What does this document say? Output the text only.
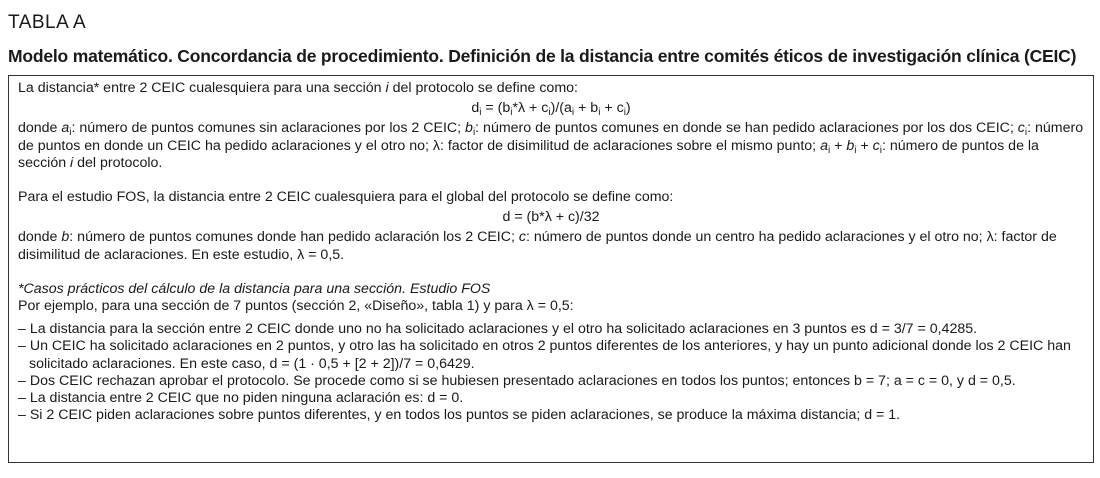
TABLA A
Modelo matemático. Concordancia de procedimiento. Definición de la distancia entre comités éticos de investigación clínica (CEIC)

La distancia* entre 2 CEIC cualesquiera para una sección i del protocolo se define como:

$d_i = (b_i*\lambda + c_i)/(a_i + b_i + c_i)$

donde $a_i$: número de puntos comunes sin aclaraciones por los 2 CEIC; $b_i$: número de puntos comunes en donde se han pedido aclaraciones por los dos CEIC; $c_i$: número de puntos en donde un CEIC ha pedido aclaraciones y el otro no; λ: factor de disimilitud de aclaraciones sobre el mismo punto; $a_i + b_i + c_i$: número de puntos de la sección i del protocolo.

Para el estudio FOS, la distancia entre 2 CEIC cualesquiera para el global del protocolo se define como:

d = (b*λ + c)/32

donde b: número de puntos comunes donde han pedido aclaración los 2 CEIC; c: número de puntos donde un centro ha pedido aclaraciones y el otro no; λ: factor de disimilitud de aclaraciones. En este estudio, λ = 0,5.

*Casos prácticos del cálculo de la distancia para una sección. Estudio FOS

Por ejemplo, para una sección de 7 puntos (sección 2, «Diseño», tabla 1) y para λ = 0,5:

– La distancia para la sección entre 2 CEIC donde uno no ha solicitado aclaraciones y el otro ha solicitado aclaraciones en 3 puntos es d = 3/7 = 0,4285.

– Un CEIC ha solicitado aclaraciones en 2 puntos, y otro las ha solicitado en otros 2 puntos diferentes de los anteriores, y hay un punto adicional donde los 2 CEIC han solicitado aclaraciones. En este caso, d = (1 · 0,5 + [2 + 2])/7 = 0,6429.

– Dos CEIC rechazan aprobar el protocolo. Se procede como si se hubiesen presentado aclaraciones en todos los puntos; entonces b = 7; a = c = 0, y d = 0,5.

– La distancia entre 2 CEIC que no piden ninguna aclaración es: d = 0.

– Si 2 CEIC piden aclaraciones sobre puntos diferentes, y en todos los puntos se piden aclaraciones, se produce la máxima distancia; d = 1.
